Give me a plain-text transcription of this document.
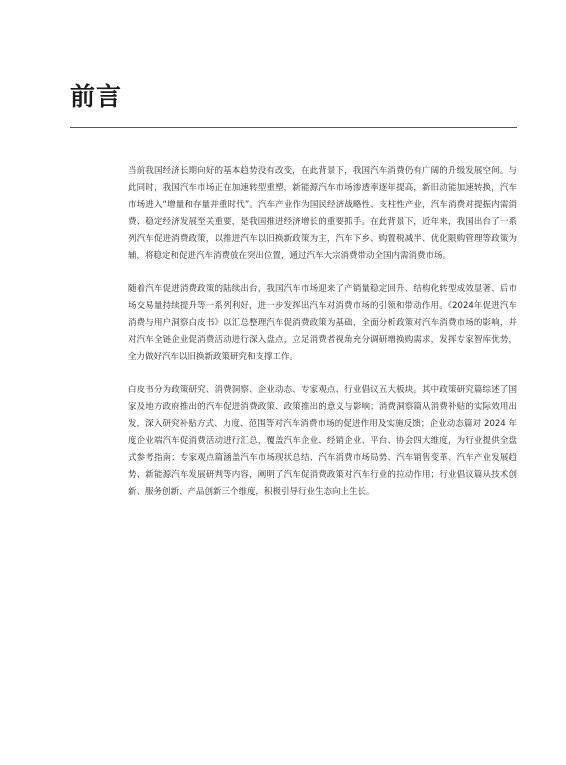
前言

当前我国经济长期向好的基本趋势没有改变，在此背景下，我国汽车消费仍有广阔的升级发展空间。与此同时，我国汽车市场正在加速转型重塑，新能源汽车市场渗透率逐年提高，新旧动能加速转换，汽车市场进入“增量和存量并重时代”。汽车产业作为国民经济战略性、支柱性产业，汽车消费对提振内需消费、稳定经济发展至关重要，是我国推进经济增长的重要抓手。在此背景下，近年来，我国出台了一系列汽车促进消费政策，以推进汽车以旧换新政策为主，汽车下乡、购置税减半、优化限购管理等政策为辅，将稳定和促进汽车消费放在突出位置，通过汽车大宗消费带动全国内需消费市场。

随着汽车促进消费政策的陆续出台，我国汽车市场迎来了产销量稳定回升、结构化转型成效显著、后市场交易量持续提升等一系列利好，进一步发挥出汽车对消费市场的引领和带动作用。《2024年促进汽车消费与用户洞察白皮书》以汇总整理汽车促消费政策为基础，全面分析政策对汽车消费市场的影响，并对汽车全链企业促消费活动进行深入盘点，立足消费者视角充分调研增换购需求，发挥专家智库优势，全力做好汽车以旧换新政策研究和支撑工作。

白皮书分为政策研究、消费洞察、企业动态、专家观点、行业倡议五大板块。其中政策研究篇综述了国家及地方政府推出的汽车促进消费政策、政策推出的意义与影响；消费洞察篇从消费补贴的实际效用出发，深入研究补贴方式、力度、范围等对汽车消费市场的促进作用及实施反馈；企业动态篇对 2024 年度企业端汽车促消费活动进行汇总，覆盖汽车企业、经销企业、平台、协会四大维度，为行业提供全盘式参考指南；专家观点篇涵盖汽车市场现状总结、汽车消费市场局势、汽车销售变革、汽车产业发展趋势、新能源汽车发展研判等内容，阐明了汽车促消费政策对汽车行业的拉动作用；行业倡议篇从技术创新、服务创新、产品创新三个维度，积极引导行业生态向上生长。
